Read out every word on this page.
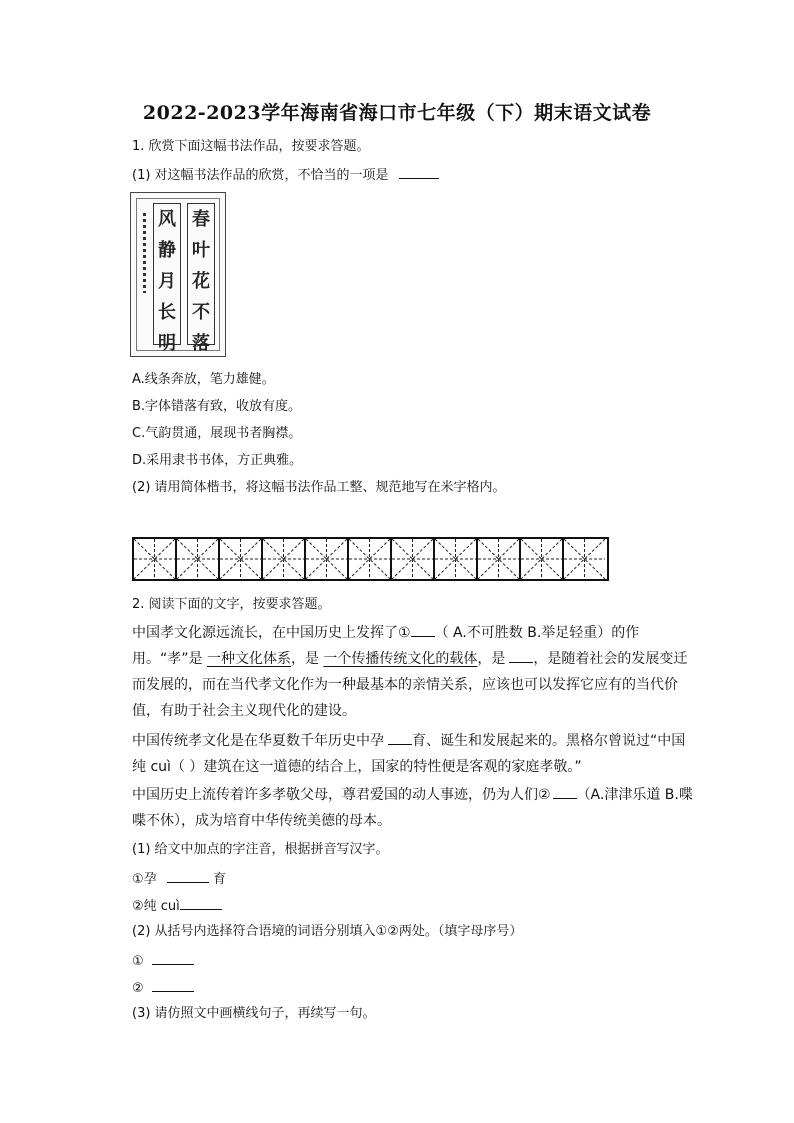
2022-2023学年海南省海口市七年级（下）期末语文试卷
1. 欣赏下面这幅书法作品，按要求答题。
(1) 对这幅书法作品的欣赏，不恰当的一项是
风
静
月
长
明
春
叶
花
不
落
A.线条奔放，笔力雄健。
B.字体错落有致，收放有度。
C.气韵贯通，展现书者胸襟。
D.采用隶书书体，方正典雅。
(2) 请用简体楷书，将这幅书法作品工整、规范地写在米字格内。
2. 阅读下面的文字，按要求答题。
中国孝文化源远流长，在中国历史上发挥了① （ A.不可胜数 B.举足轻重）的作用。“孝”是 一种文化体系，是 一个传播传统文化的载体，是 ，是随着社会的发展变迁而发展的，而在当代孝文化作为一种最基本的亲情关系，应该也可以发挥它应有的当代价值，有助于社会主义现代化的建设。
中国传统孝文化是在华夏数千年历史中孕 育、诞生和发展起来的。黑格尔曾说过“中国纯 cuì（ ）建筑在这一道德的结合上，国家的特性便是客观的家庭孝敬。”
中国历史上流传着许多孝敬父母，尊君爱国的动人事迹，仍为人们② （A.津津乐道 B.喋喋不休），成为培育中华传统美德的母本。
(1) 给文中加点的字注音，根据拼音写汉字。
①孕	育
②纯 cuì
(2) 从括号内选择符合语境的词语分别填入①②两处。（填字母序号）
①
②
(3) 请仿照文中画横线句子，再续写一句。
